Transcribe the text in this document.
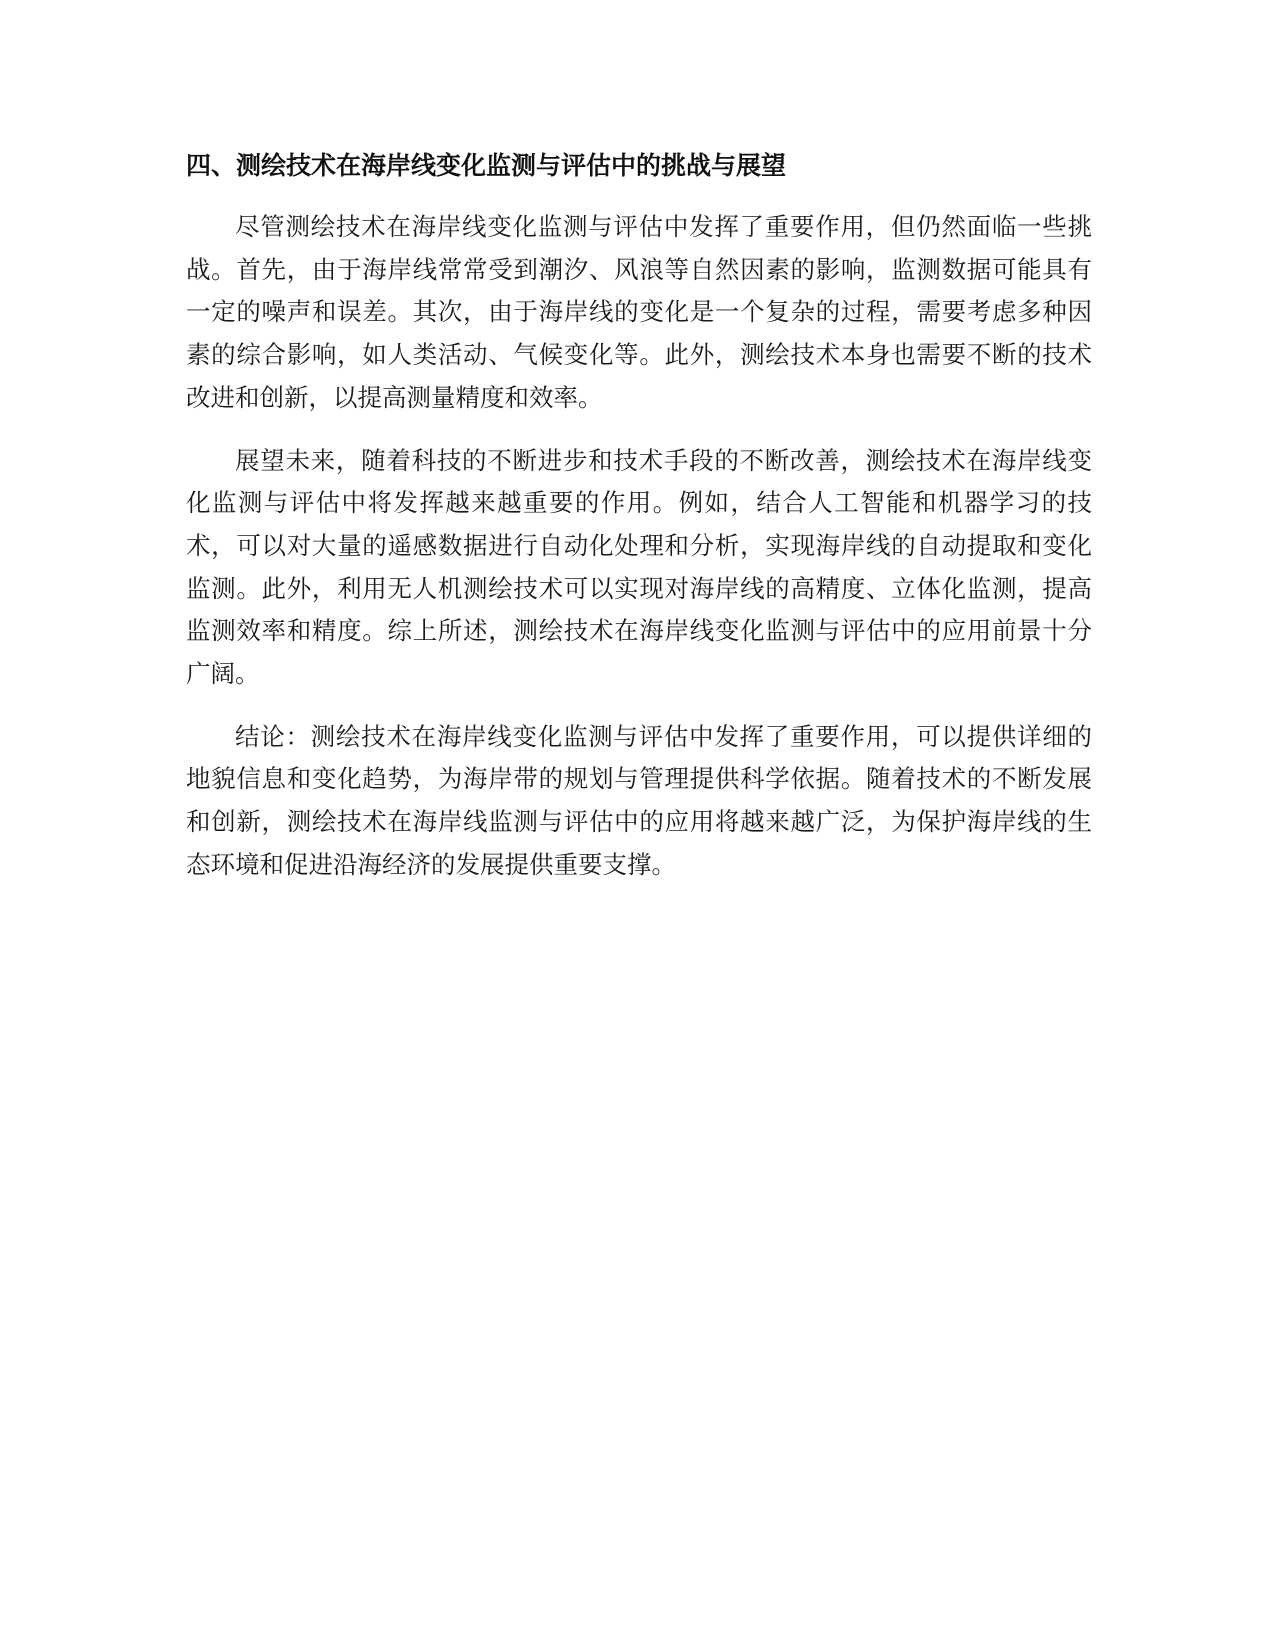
四、测绘技术在海岸线变化监测与评估中的挑战与展望

尽管测绘技术在海岸线变化监测与评估中发挥了重要作用，但仍然面临一些挑战。首先，由于海岸线常常受到潮汐、风浪等自然因素的影响，监测数据可能具有一定的噪声和误差。其次，由于海岸线的变化是一个复杂的过程，需要考虑多种因素的综合影响，如人类活动、气候变化等。此外，测绘技术本身也需要不断的技术改进和创新，以提高测量精度和效率。

展望未来，随着科技的不断进步和技术手段的不断改善，测绘技术在海岸线变化监测与评估中将发挥越来越重要的作用。例如，结合人工智能和机器学习的技术，可以对大量的遥感数据进行自动化处理和分析，实现海岸线的自动提取和变化监测。此外，利用无人机测绘技术可以实现对海岸线的高精度、立体化监测，提高监测效率和精度。综上所述，测绘技术在海岸线变化监测与评估中的应用前景十分广阔。

结论：测绘技术在海岸线变化监测与评估中发挥了重要作用，可以提供详细的地貌信息和变化趋势，为海岸带的规划与管理提供科学依据。随着技术的不断发展和创新，测绘技术在海岸线监测与评估中的应用将越来越广泛，为保护海岸线的生态环境和促进沿海经济的发展提供重要支撑。
